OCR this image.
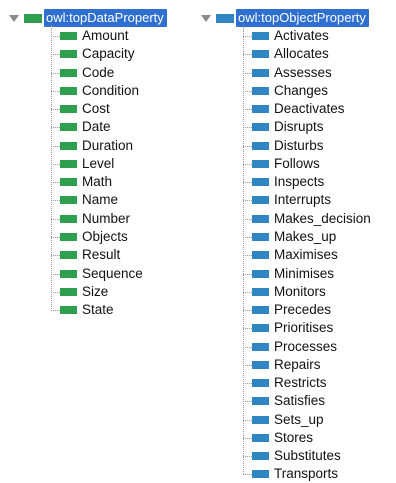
owl:topDataProperty
Amount
Capacity
Code
Condition
Cost
Date
Duration
Level
Math
Name
Number
Objects
Result
Sequence
Size
State
owl:topObjectProperty
Activates
Allocates
Assesses
Changes
Deactivates
Disrupts
Disturbs
Follows
Inspects
Interrupts
Makes_decision
Makes_up
Maximises
Minimises
Monitors
Precedes
Prioritises
Processes
Repairs
Restricts
Satisfies
Sets_up
Stores
Substitutes
Transports
